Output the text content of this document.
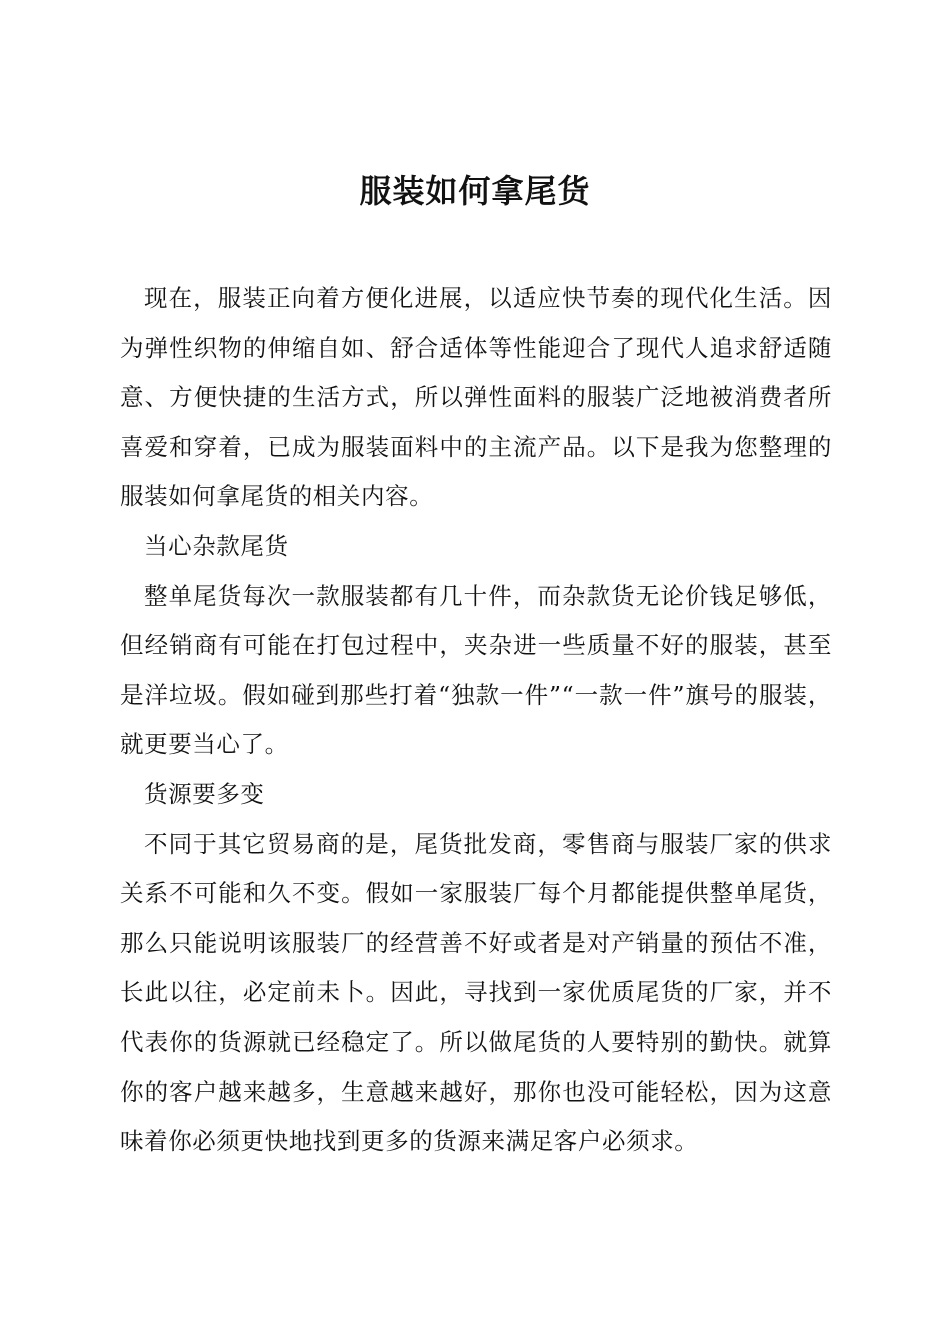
服装如何拿尾货

现在，服装正向着方便化进展，以适应快节奏的现代化生活。因为弹性织物的伸缩自如、舒合适体等性能迎合了现代人追求舒适随意、方便快捷的生活方式，所以弹性面料的服装广泛地被消费者所喜爱和穿着，已成为服装面料中的主流产品。以下是我为您整理的服装如何拿尾货的相关内容。

当心杂款尾货

整单尾货每次一款服装都有几十件，而杂款货无论价钱足够低，但经销商有可能在打包过程中，夹杂进一些质量不好的服装，甚至是洋垃圾。假如碰到那些打着“独款一件”“一款一件”旗号的服装，就更要当心了。

货源要多变

不同于其它贸易商的是，尾货批发商，零售商与服装厂家的供求关系不可能和久不变。假如一家服装厂每个月都能提供整单尾货，那么只能说明该服装厂的经营善不好或者是对产销量的预估不准，长此以往，必定前未卜。因此，寻找到一家优质尾货的厂家，并不代表你的货源就已经稳定了。所以做尾货的人要特别的勤快。就算你的客户越来越多，生意越来越好，那你也没可能轻松，因为这意味着你必须更快地找到更多的货源来满足客户必须求。
